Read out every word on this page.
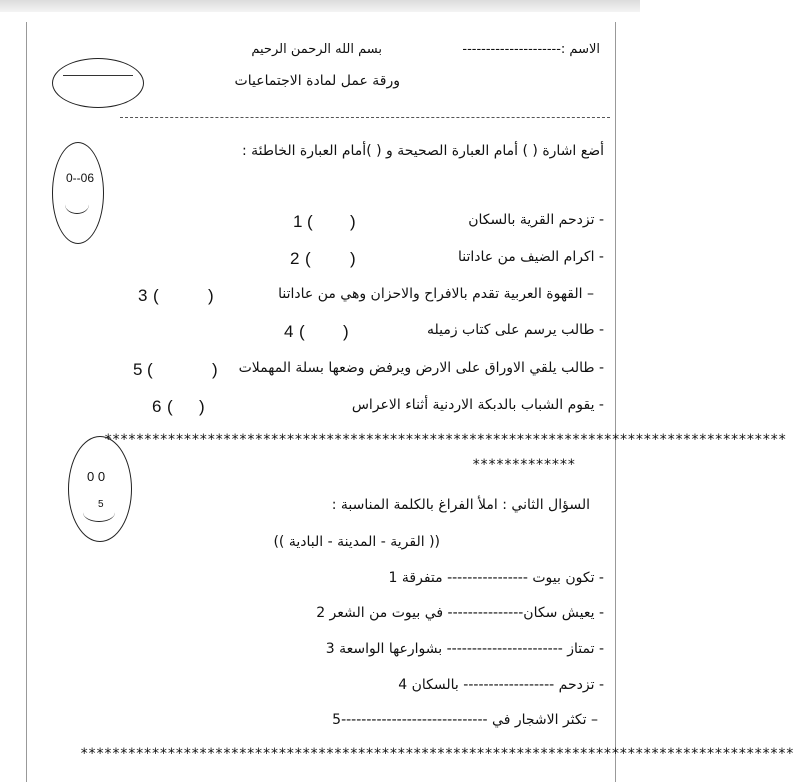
الاسم :---------------------
بسم الله الرحمن الرحيم
ورقة عمل لمادة الاجتماعيات
أضع اشارة ( ) أمام العبارة الصحيحة و ( )أمام العبارة الخاطئة :
0--06
- تزدحم القرية بالسكان
)
(
1
- اكرام الضيف من عاداتنا
)
(
2
– القهوة العربية تقدم بالافراح والاحزان وهي من عاداتنا
)
(
3
- طالب يرسم على كتاب زميله
)
(
4
- طالب يلقي الاوراق على الارض ويرفض وضعها بسلة المهملات
)
(
5
- يقوم الشباب بالدبكة الاردنية أثناء الاعراس
)
(
6
**************************************************************************************
*************
0 0
5	السؤال الثاني : املأ الفراغ بالكلمة المناسبة :
(( القرية - المدينة - البادية ))
- تكون بيوت ---------------- متفرقة 1
- يعيش سكان--------------- في بيوت من الشعر 2
- تمتاز ----------------------- بشوارعها الواسعة 3
- تزدحم ------------------ بالسكان 4
– تكثر الاشجار في -----------------------------5
******************************************************************************************
